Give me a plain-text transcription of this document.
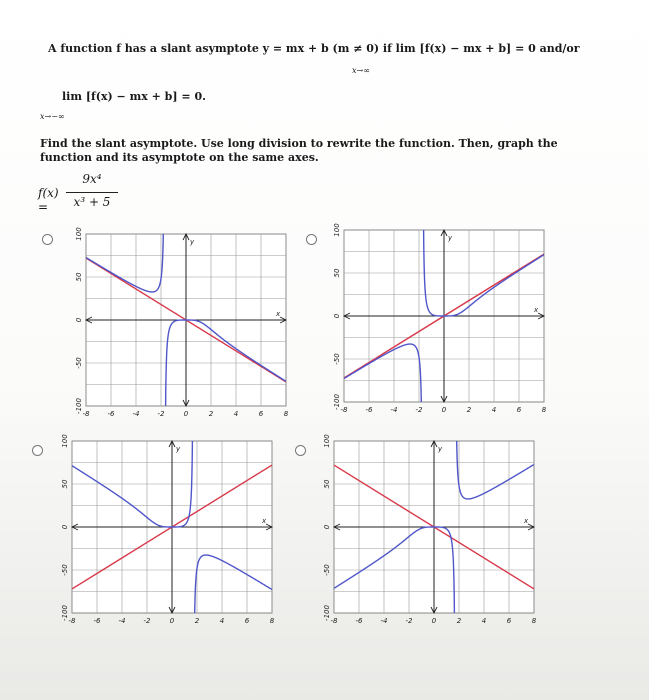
A function f has a slant asymptote y = mx + b (m ≠ 0) if lim [f(x) − mx + b] = 0 and/or
x→∞
lim [f(x) − mx + b] = 0.
x→−∞
Find the slant asymptote. Use long division to rewrite the function. Then, graph the function and its asymptote on the same axes.
f(x) =
9x⁴
x³ + 5
y
x
100
50
0
-50
-100
-8	-6	-4	-2	0	2	4	6	8
y
x
100
50
0
-50
-100
-8	-6	-4	-2	0	2	4	6	8
y
x
100
50
0
-50
-100
-8	-6	-4	-2	0	2	4	6	8
y
x
100
50
0
-50
-100
-8	-6	-4	-2	0	2	4	6	8
